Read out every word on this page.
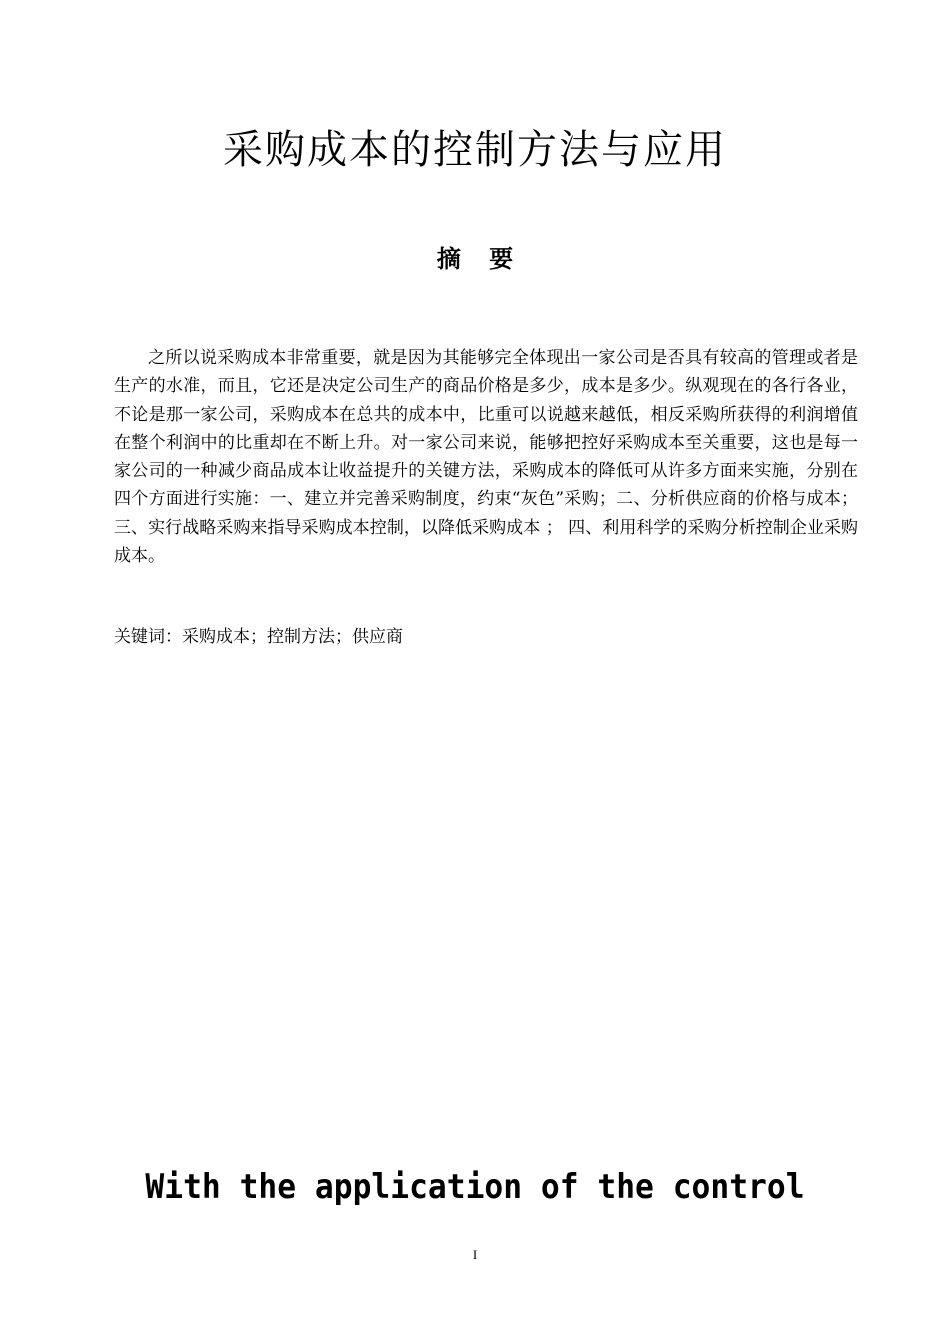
采购成本的控制方法与应用
摘 要

之所以说采购成本非常重要，就是因为其能够完全体现出一家公司是否具有较高的管理或者是生产的水准，而且，它还是决定公司生产的商品价格是多少，成本是多少。纵观现在的各行各业，不论是那一家公司，采购成本在总共的成本中，比重可以说越来越低，相反采购所获得的利润增值在整个利润中的比重却在不断上升。对一家公司来说，能够把控好采购成本至关重要，这也是每一家公司的一种减少商品成本让收益提升的关键方法，采购成本的降低可从许多方面来实施，分别在四个方面进行实施：一、建立并完善采购制度，约束“灰色”采购；二、分析供应商的价格与成本；三、实行战略采购来指导采购成本控制，以降低采购成本 ； 四、利用科学的采购分析控制企业采购成本。

关键词：采购成本；控制方法；供应商

With the application of the control
I
